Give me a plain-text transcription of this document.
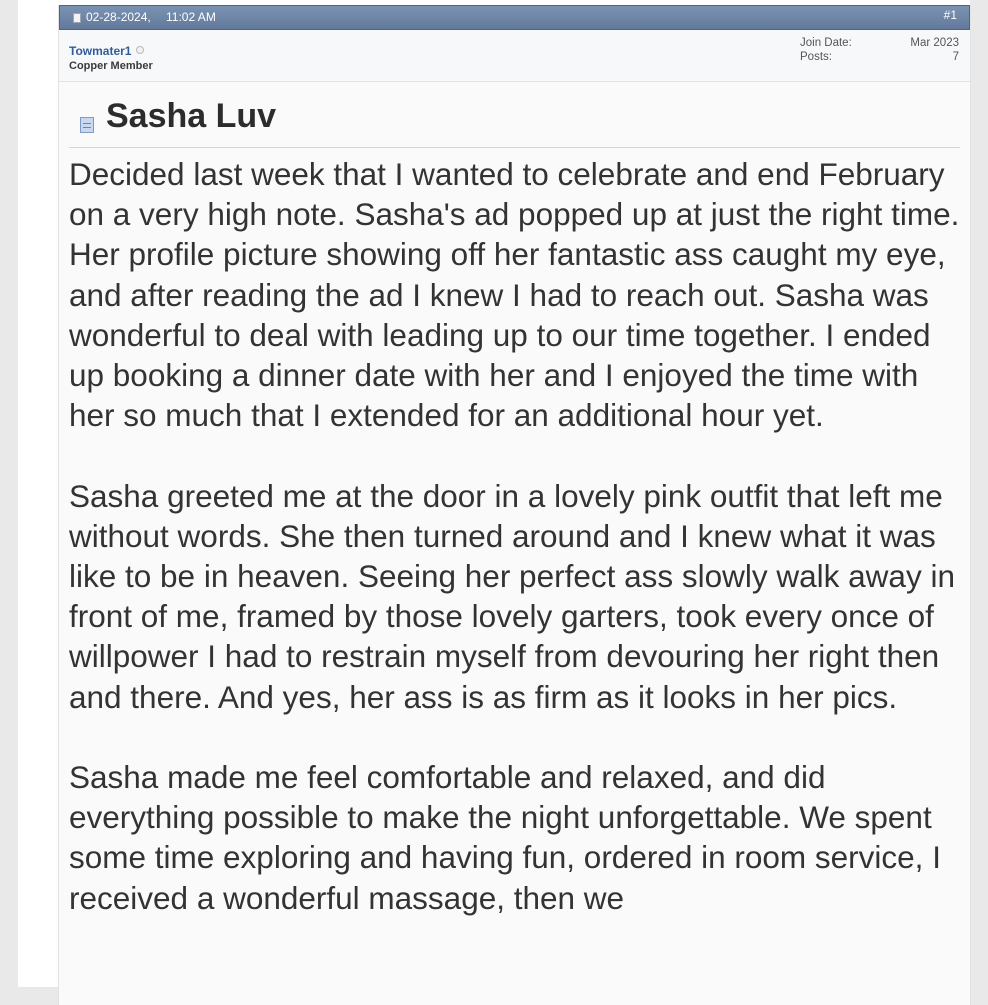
02-28-2024, 11:02 AM	#1
Towmater1
Copper Member
Join Date:	Mar 2023
Posts:	7
Sasha Luv

Decided last week that I wanted to celebrate and end February on a very high note. Sasha's ad popped up at just the right time. Her profile picture showing off her fantastic ass caught my eye, and after reading the ad I knew I had to reach out. Sasha was wonderful to deal with leading up to our time together. I ended up booking a dinner date with her and I enjoyed the time with her so much that I extended for an additional hour yet.

Sasha greeted me at the door in a lovely pink outfit that left me without words. She then turned around and I knew what it was like to be in heaven. Seeing her perfect ass slowly walk away in front of me, framed by those lovely garters, took every once of willpower I had to restrain myself from devouring her right then and there. And yes, her ass is as firm as it looks in her pics.

Sasha made me feel comfortable and relaxed, and did everything possible to make the night unforgettable. We spent some time exploring and having fun, ordered in room service, I received a wonderful massage, then we
